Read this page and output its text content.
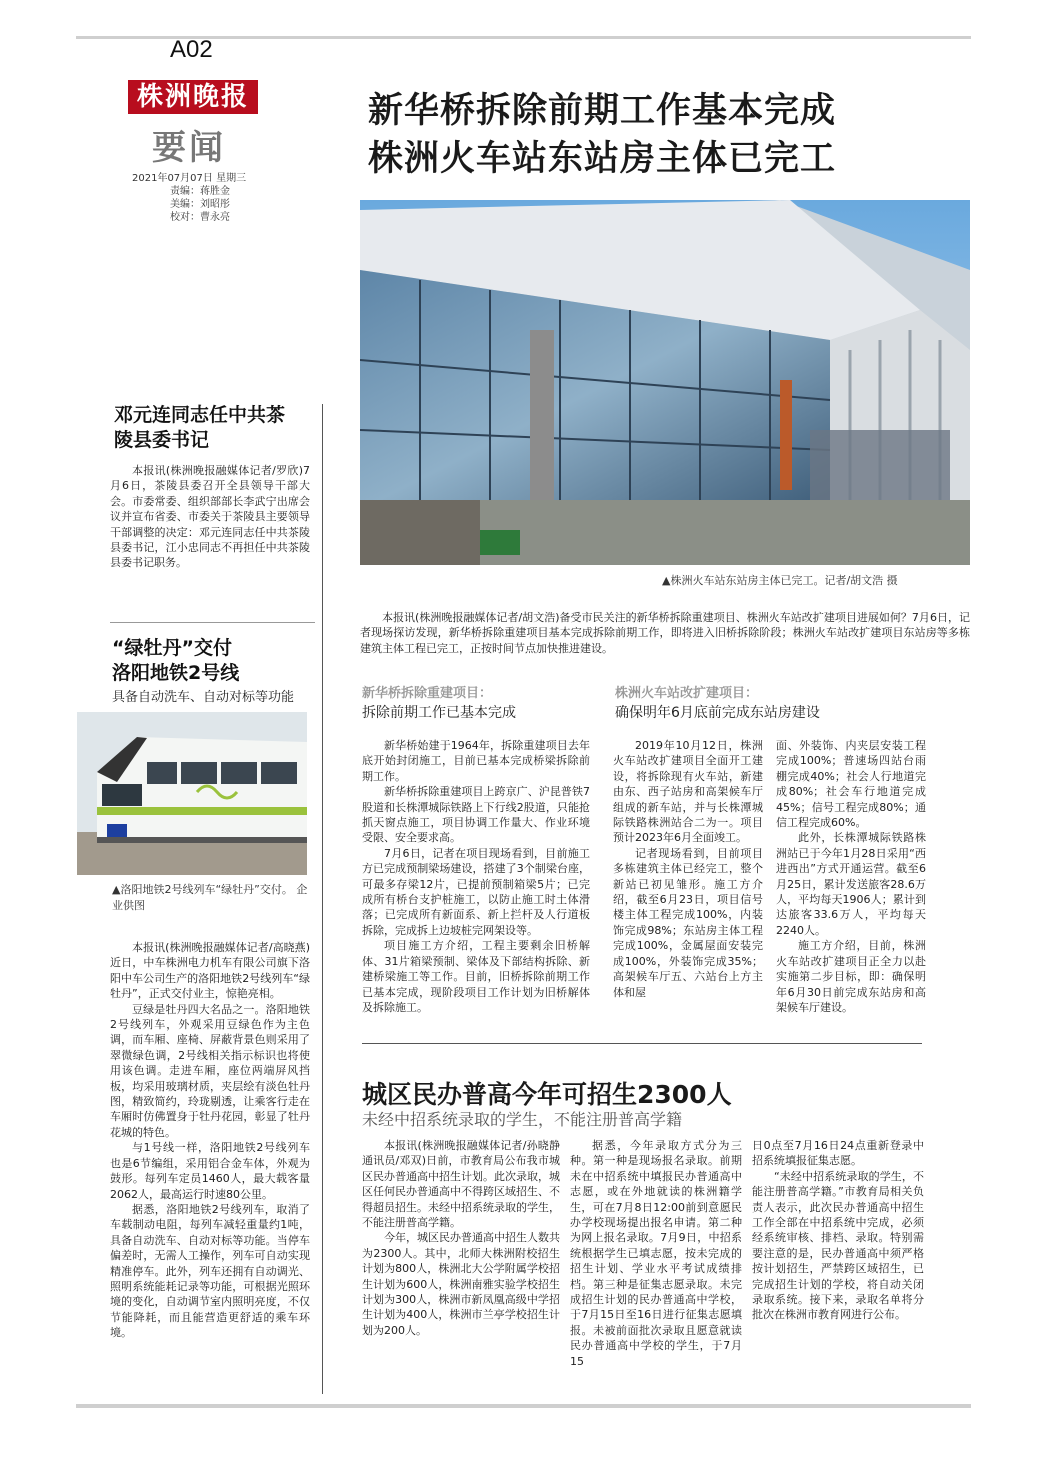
A02
株洲晚报
要闻
2021年07月07日 星期三
责编：蒋胜金
美编：刘昭彤
校对：曹永亮
新华桥拆除前期工作基本完成
株洲火车站东站房主体已完工
▲株洲火车站东站房主体已完工。记者/胡文浩 摄

本报讯(株洲晚报融媒体记者/胡文浩)备受市民关注的新华桥拆除重建项目、株洲火车站改扩建项目进展如何？7月6日，记者现场探访发现，新华桥拆除重建项目基本完成拆除前期工作，即将进入旧桥拆除阶段；株洲火车站改扩建项目东站房等多栋建筑主体工程已完工，正按时间节点加快推进建设。

新华桥拆除重建项目：
拆除前期工作已基本完成
株洲火车站改扩建项目：
确保明年6月底前完成东站房建设

新华桥始建于1964年，拆除重建项目去年底开始封闭施工，目前已基本完成桥梁拆除前期工作。

新华桥拆除重建项目上跨京广、沪昆普铁7股道和长株潭城际铁路上下行线2股道，只能抢抓天窗点施工，项目协调工作量大、作业环境受限、安全要求高。

7月6日，记者在项目现场看到，目前施工方已完成预制梁场建设，搭建了3个制梁台座，可最多存梁12片，已提前预制箱梁5片；已完成所有桥台支护桩施工，以防止施工时土体滑落；已完成所有新面系、新上拦杆及人行道板拆除，完成拆上边坡桩完网架设等。

项目施工方介绍，工程主要剩余旧桥解体、31片箱梁预制、梁体及下部结构拆除、新建桥梁施工等工作。目前，旧桥拆除前期工作已基本完成，现阶段项目工作计划为旧桥解体及拆除施工。

2019年10月12日，株洲火车站改扩建项目全面开工建设，将拆除现有火车站，新建由东、西子站房和高架候车厅组成的新车站，并与长株潭城际铁路株洲站合二为一。项目预计2023年6月全面竣工。

记者现场看到，目前项目多栋建筑主体已经完工，整个新站已初见雏形。施工方介绍，截至6月23日，项目信号楼主体工程完成100%，内装饰完成98%；东站房主体工程完成100%，金属屋面安装完成100%，外装饰完成35%；高架候车厅五、六站台上方主体和屋

面、外装饰、内夹层安装工程完成100%；普速场四站台雨棚完成40%；社会人行地道完成80%；社会车行地道完成45%；信号工程完成80%；通信工程完成60%。

此外，长株潭城际铁路株洲站已于今年1月28日采用“西进西出”方式开通运营。截至6月25日，累计发送旅客28.6万人，平均每天1906人；累计到达旅客33.6万人，平均每天2240人。

施工方介绍，目前，株洲火车站改扩建项目正全力以赴实施第二步目标，即：确保明年6月30日前完成东站房和高架候车厅建设。

邓元连同志任中共茶
陵县委书记

本报讯(株洲晚报融媒体记者/罗欣)7月6日，茶陵县委召开全县领导干部大会。市委常委、组织部部长李武宁出席会议并宣布省委、市委关于茶陵县主要领导干部调整的决定：邓元连同志任中共茶陵县委书记，江小忠同志不再担任中共茶陵县委书记职务。

“绿牡丹”交付
洛阳地铁2号线
具备自动洗车、自动对标等功能
▲洛阳地铁2号线列车“绿牡丹”交付。 企业供图

本报讯(株洲晚报融媒体记者/高晓燕)近日，中车株洲电力机车有限公司旗下洛阳中车公司生产的洛阳地铁2号线列车“绿牡丹”，正式交付业主，惊艳亮相。

豆绿是牡丹四大名品之一。洛阳地铁2号线列车，外观采用豆绿色作为主色调，而车厢、座椅、屏蔽背景色则采用了翠微绿色调，2号线相关指示标识也将使用该色调。走进车厢，座位两端屏风挡板，均采用玻璃材质，夹层绘有淡色牡丹图，精致简约，玲珑剔透，让乘客行走在车厢时仿佛置身于牡丹花园，彰显了牡丹花城的特色。

与1号线一样，洛阳地铁2号线列车也是6节编组，采用铝合金车体，外观为鼓形。每列车定员1460人，最大载客量2062人，最高运行时速80公里。

据悉，洛阳地铁2号线列车，取消了车载制动电阻，每列车减轻重量约1吨，具备自动洗车、自动对标等功能。当停车偏差时，无需人工操作，列车可自动实现精准停车。此外，列车还拥有自动调光、照明系统能耗记录等功能，可根据光照环境的变化，自动调节室内照明亮度，不仅节能降耗，而且能营造更舒适的乘车环境。

城区民办普高今年可招生2300人
未经中招系统录取的学生，不能注册普高学籍

本报讯(株洲晚报融媒体记者/孙晓静 通讯员/邓双)日前，市教育局公布我市城区民办普通高中招生计划。此次录取，城区任何民办普通高中不得跨区域招生、不得超员招生。未经中招系统录取的学生，不能注册普高学籍。

今年，城区民办普通高中招生人数共为2300人。其中，北师大株洲附校招生计划为800人，株洲北大公学附属学校招生计划为600人，株洲南雅实验学校招生计划为300人，株洲市新凤凰高级中学招生计划为400人，株洲市兰亭学校招生计划为200人。

据悉，今年录取方式分为三种。第一种是现场报名录取。前期未在中招系统中填报民办普通高中志愿，或在外地就读的株洲籍学生，可在7月8日12:00前到意愿民办学校现场提出报名申请。第二种为网上报名录取。7月9日，中招系统根据学生已填志愿，按未完成的招生计划、学业水平考试成绩排档。第三种是征集志愿录取。未完成招生计划的民办普通高中学校，于7月15日至16日进行征集志愿填报。未被前面批次录取且愿意就读民办普通高中学校的学生，于7月15

日0点至7月16日24点重新登录中招系统填报征集志愿。

“未经中招系统录取的学生，不能注册普高学籍。”市教育局相关负责人表示，此次民办普通高中招生工作全部在中招系统中完成，必须经系统审核、排档、录取。特别需要注意的是，民办普通高中须严格按计划招生，严禁跨区域招生，已完成招生计划的学校，将自动关闭录取系统。接下来，录取名单将分批次在株洲市教育网进行公布。
